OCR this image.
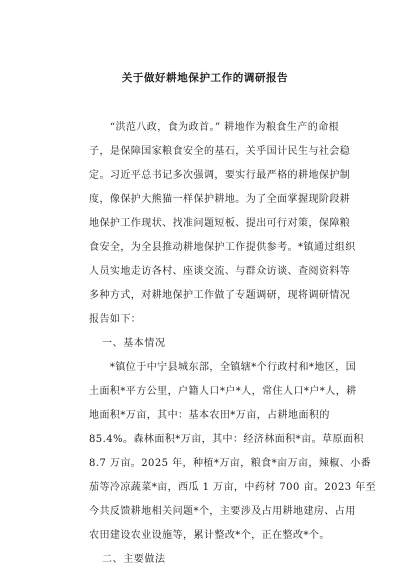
关于做好耕地保护工作的调研报告

　　“洪范八政，食为政首。” 耕地作为粮食生产的命根
子，是保障国家粮食安全的基石，关乎国计民生与社会稳
定。习近平总书记多次强调，要实行最严格的耕地保护制
度，像保护大熊猫一样保护耕地。为了全面掌握现阶段耕
地保护工作现状、找准问题短板、提出可行对策，保障粮
食安全，为全县推动耕地保护工作提供参考。*镇通过组织
人员实地走访各村、座谈交流、与群众访谈、查阅资料等
多种方式，对耕地保护工作做了专题调研，现将调研情况
报告如下：

一、基本情况

　　*镇位于中宁县城东部，全镇辖*个行政村和*地区，国
土面积*平方公里，户籍人口*户*人，常住人口*户*人，耕
地面积*万亩，其中：基本农田*万亩，占耕地面积的
85.4%。森林面积*万亩，其中：经济林面积*亩。草原面积
8.7 万亩。2025 年，种植*万亩，粮食*亩万亩，辣椒、小番
茄等冷凉蔬菜*亩，西瓜 1 万亩，中药材 700 亩。2023 年至
今共反馈耕地相关问题*个，主要涉及占用耕地建房、占用
农田建设农业设施等，累计整改*个，正在整改*个。

二、主要做法
